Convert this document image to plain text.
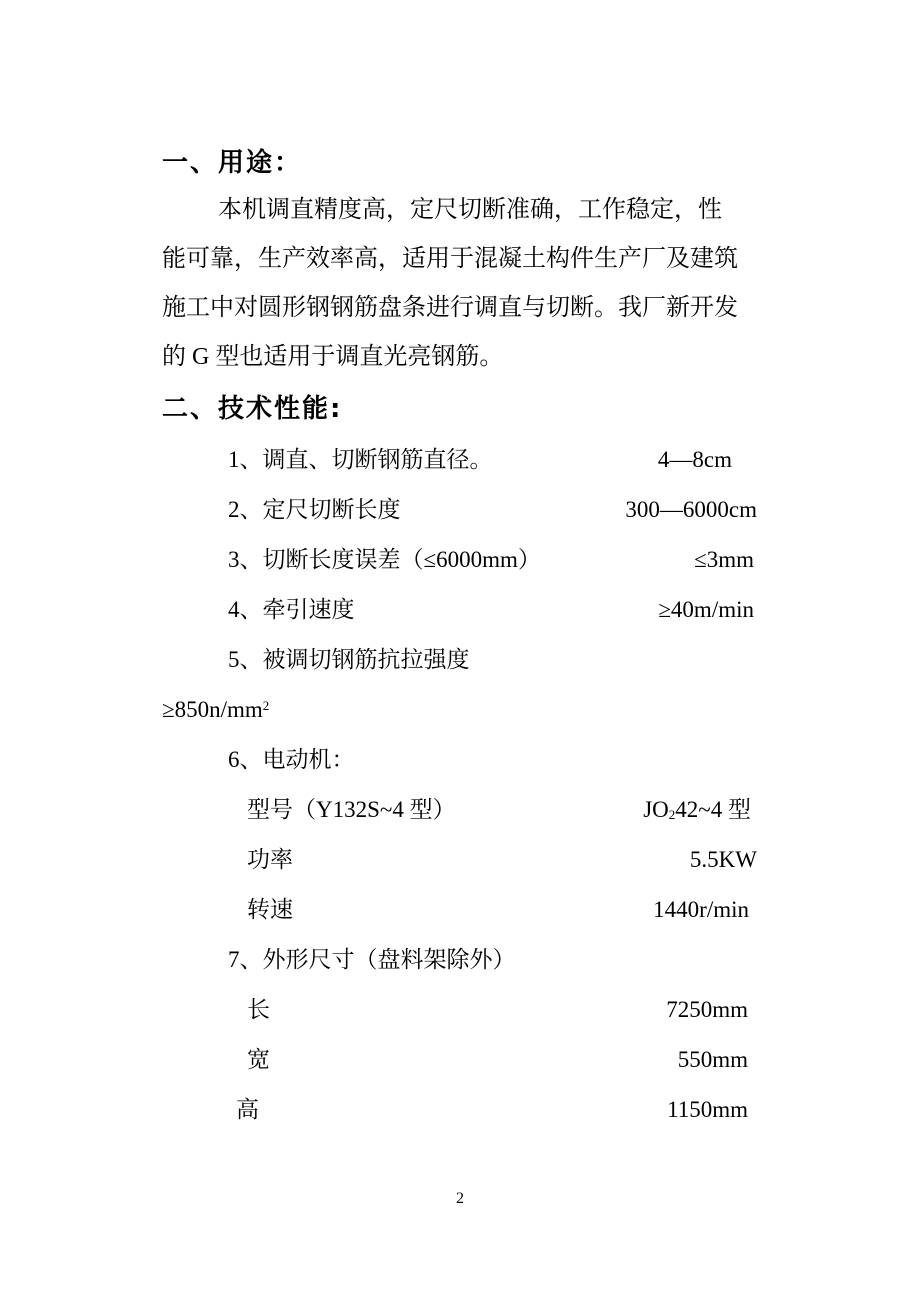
一、用途：
本机调直精度高，定尺切断准确，工作稳定，性
能可靠，生产效率高，适用于混凝土构件生产厂及建筑
施工中对圆形钢钢筋盘条进行调直与切断。我厂新开发
的 G 型也适用于调直光亮钢筋。
二、技术性能:
1、调直、切断钢筋直径。	4—8cm
2、定尺切断长度	300—6000cm
3、切断长度误差（≤6000mm）	≤3mm
4、牵引速度	≥40m/min
5、被调切钢筋抗拉强度
$\ge 850n/mm^2$
6、电动机：
型号（Y132S~4 型）	$JO_242\sim 4$ 型
功率	5.5KW
转速	1440r/min
7、外形尺寸（盘料架除外）
长	7250mm
宽	550mm
高	1150mm
2
